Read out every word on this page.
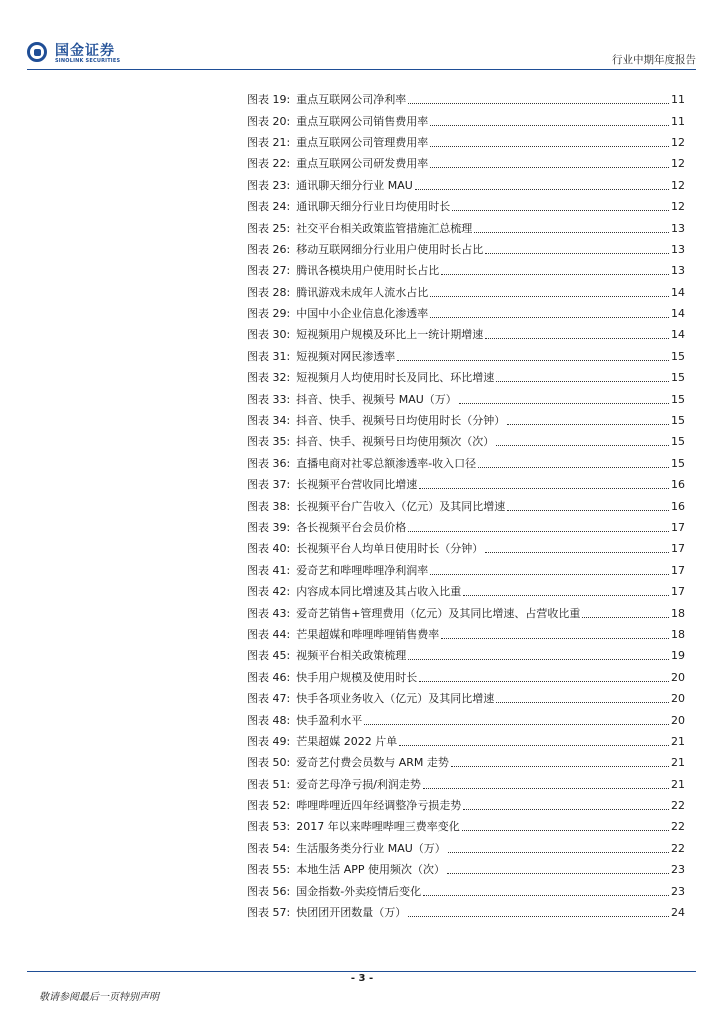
国金证券
SINOLINK SECURITIES	行业中期年度报告
图表 19: 重点互联网公司净利率	11
图表 20: 重点互联网公司销售费用率	11
图表 21: 重点互联网公司管理费用率	12
图表 22: 重点互联网公司研发费用率	12
图表 23: 通讯聊天细分行业 MAU	12
图表 24: 通讯聊天细分行业日均使用时长	12
图表 25: 社交平台相关政策监管措施汇总梳理	13
图表 26: 移动互联网细分行业用户使用时长占比	13
图表 27: 腾讯各模块用户使用时长占比	13
图表 28: 腾讯游戏未成年人流水占比	14
图表 29: 中国中小企业信息化渗透率	14
图表 30: 短视频用户规模及环比上一统计期增速	14
图表 31: 短视频对网民渗透率	15
图表 32: 短视频月人均使用时长及同比、环比增速	15
图表 33: 抖音、快手、视频号 MAU（万）	15
图表 34: 抖音、快手、视频号日均使用时长（分钟）	15
图表 35: 抖音、快手、视频号日均使用频次（次）	15
图表 36: 直播电商对社零总额渗透率-收入口径	15
图表 37: 长视频平台营收同比增速	16
图表 38: 长视频平台广告收入（亿元）及其同比增速	16
图表 39: 各长视频平台会员价格	17
图表 40: 长视频平台人均单日使用时长（分钟）	17
图表 41: 爱奇艺和哔哩哔哩净利润率	17
图表 42: 内容成本同比增速及其占收入比重	17
图表 43: 爱奇艺销售+管理费用（亿元）及其同比增速、占营收比重	18
图表 44: 芒果超媒和哔哩哔哩销售费率	18
图表 45: 视频平台相关政策梳理	19
图表 46: 快手用户规模及使用时长	20
图表 47: 快手各项业务收入（亿元）及其同比增速	20
图表 48: 快手盈利水平	20
图表 49: 芒果超媒 2022 片单	21
图表 50: 爱奇艺付费会员数与 ARM 走势	21
图表 51: 爱奇艺母净亏损/利润走势	21
图表 52: 哔哩哔哩近四年经调整净亏损走势	22
图表 53: 2017 年以来哔哩哔哩三费率变化	22
图表 54: 生活服务类分行业 MAU（万）	22
图表 55: 本地生活 APP 使用频次（次）	23
图表 56: 国金指数-外卖疫情后变化	23
图表 57: 快团团开团数量（万）	24
- 3 -
敬请参阅最后一页特别声明
